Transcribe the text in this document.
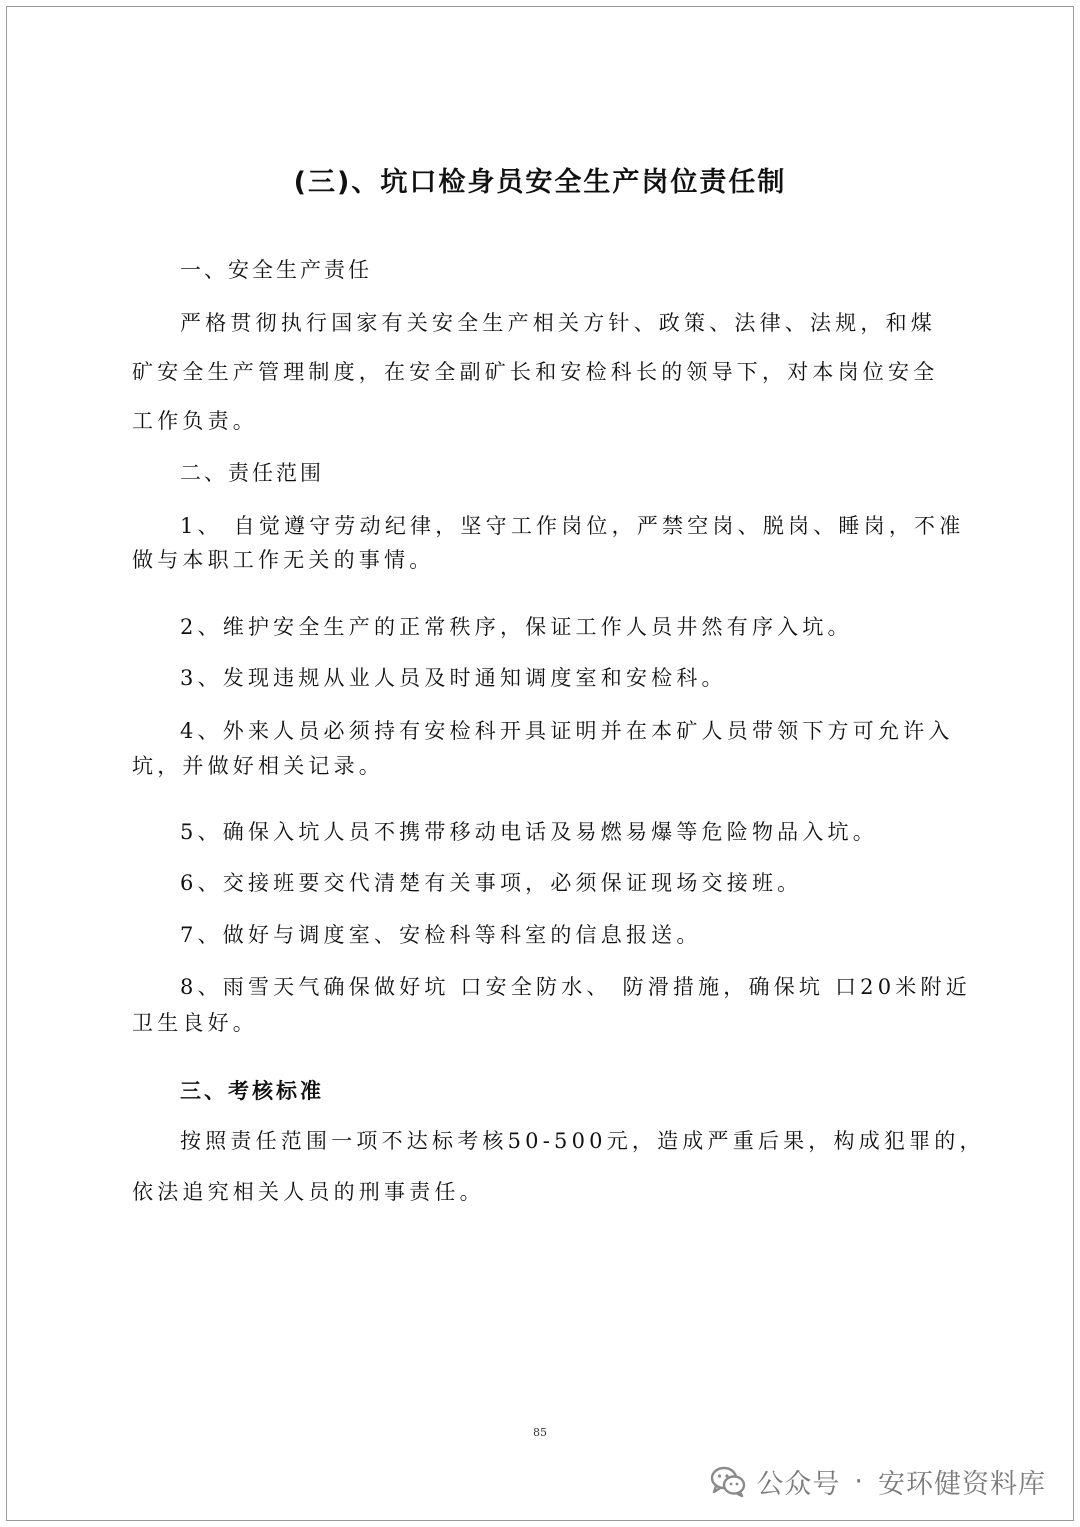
(三)、坑口检身员安全生产岗位责任制
一、安全生产责任
严格贯彻执行国家有关安全生产相关方针、政策、法律、法规，和煤
矿安全生产管理制度，在安全副矿长和安检科长的领导下，对本岗位安全
工作负责。
二、责任范围
1、 自觉遵守劳动纪律，坚守工作岗位，严禁空岗、脱岗、睡岗，不准
做与本职工作无关的事情。
2、维护安全生产的正常秩序，保证工作人员井然有序入坑。
3、发现违规从业人员及时通知调度室和安检科。
4、外来人员必须持有安检科开具证明并在本矿人员带领下方可允许入
坑，并做好相关记录。
5、确保入坑人员不携带移动电话及易燃易爆等危险物品入坑。
6、交接班要交代清楚有关事项，必须保证现场交接班。
7、做好与调度室、安检科等科室的信息报送。
8、雨雪天气确保做好坑 口安全防水、 防滑措施，确保坑 口20米附近
卫生良好。
三、考核标准
按照责任范围一项不达标考核50-500元，造成严重后果，构成犯罪的，
依法追究相关人员的刑事责任。
85
公众号 · 安环健资料库
